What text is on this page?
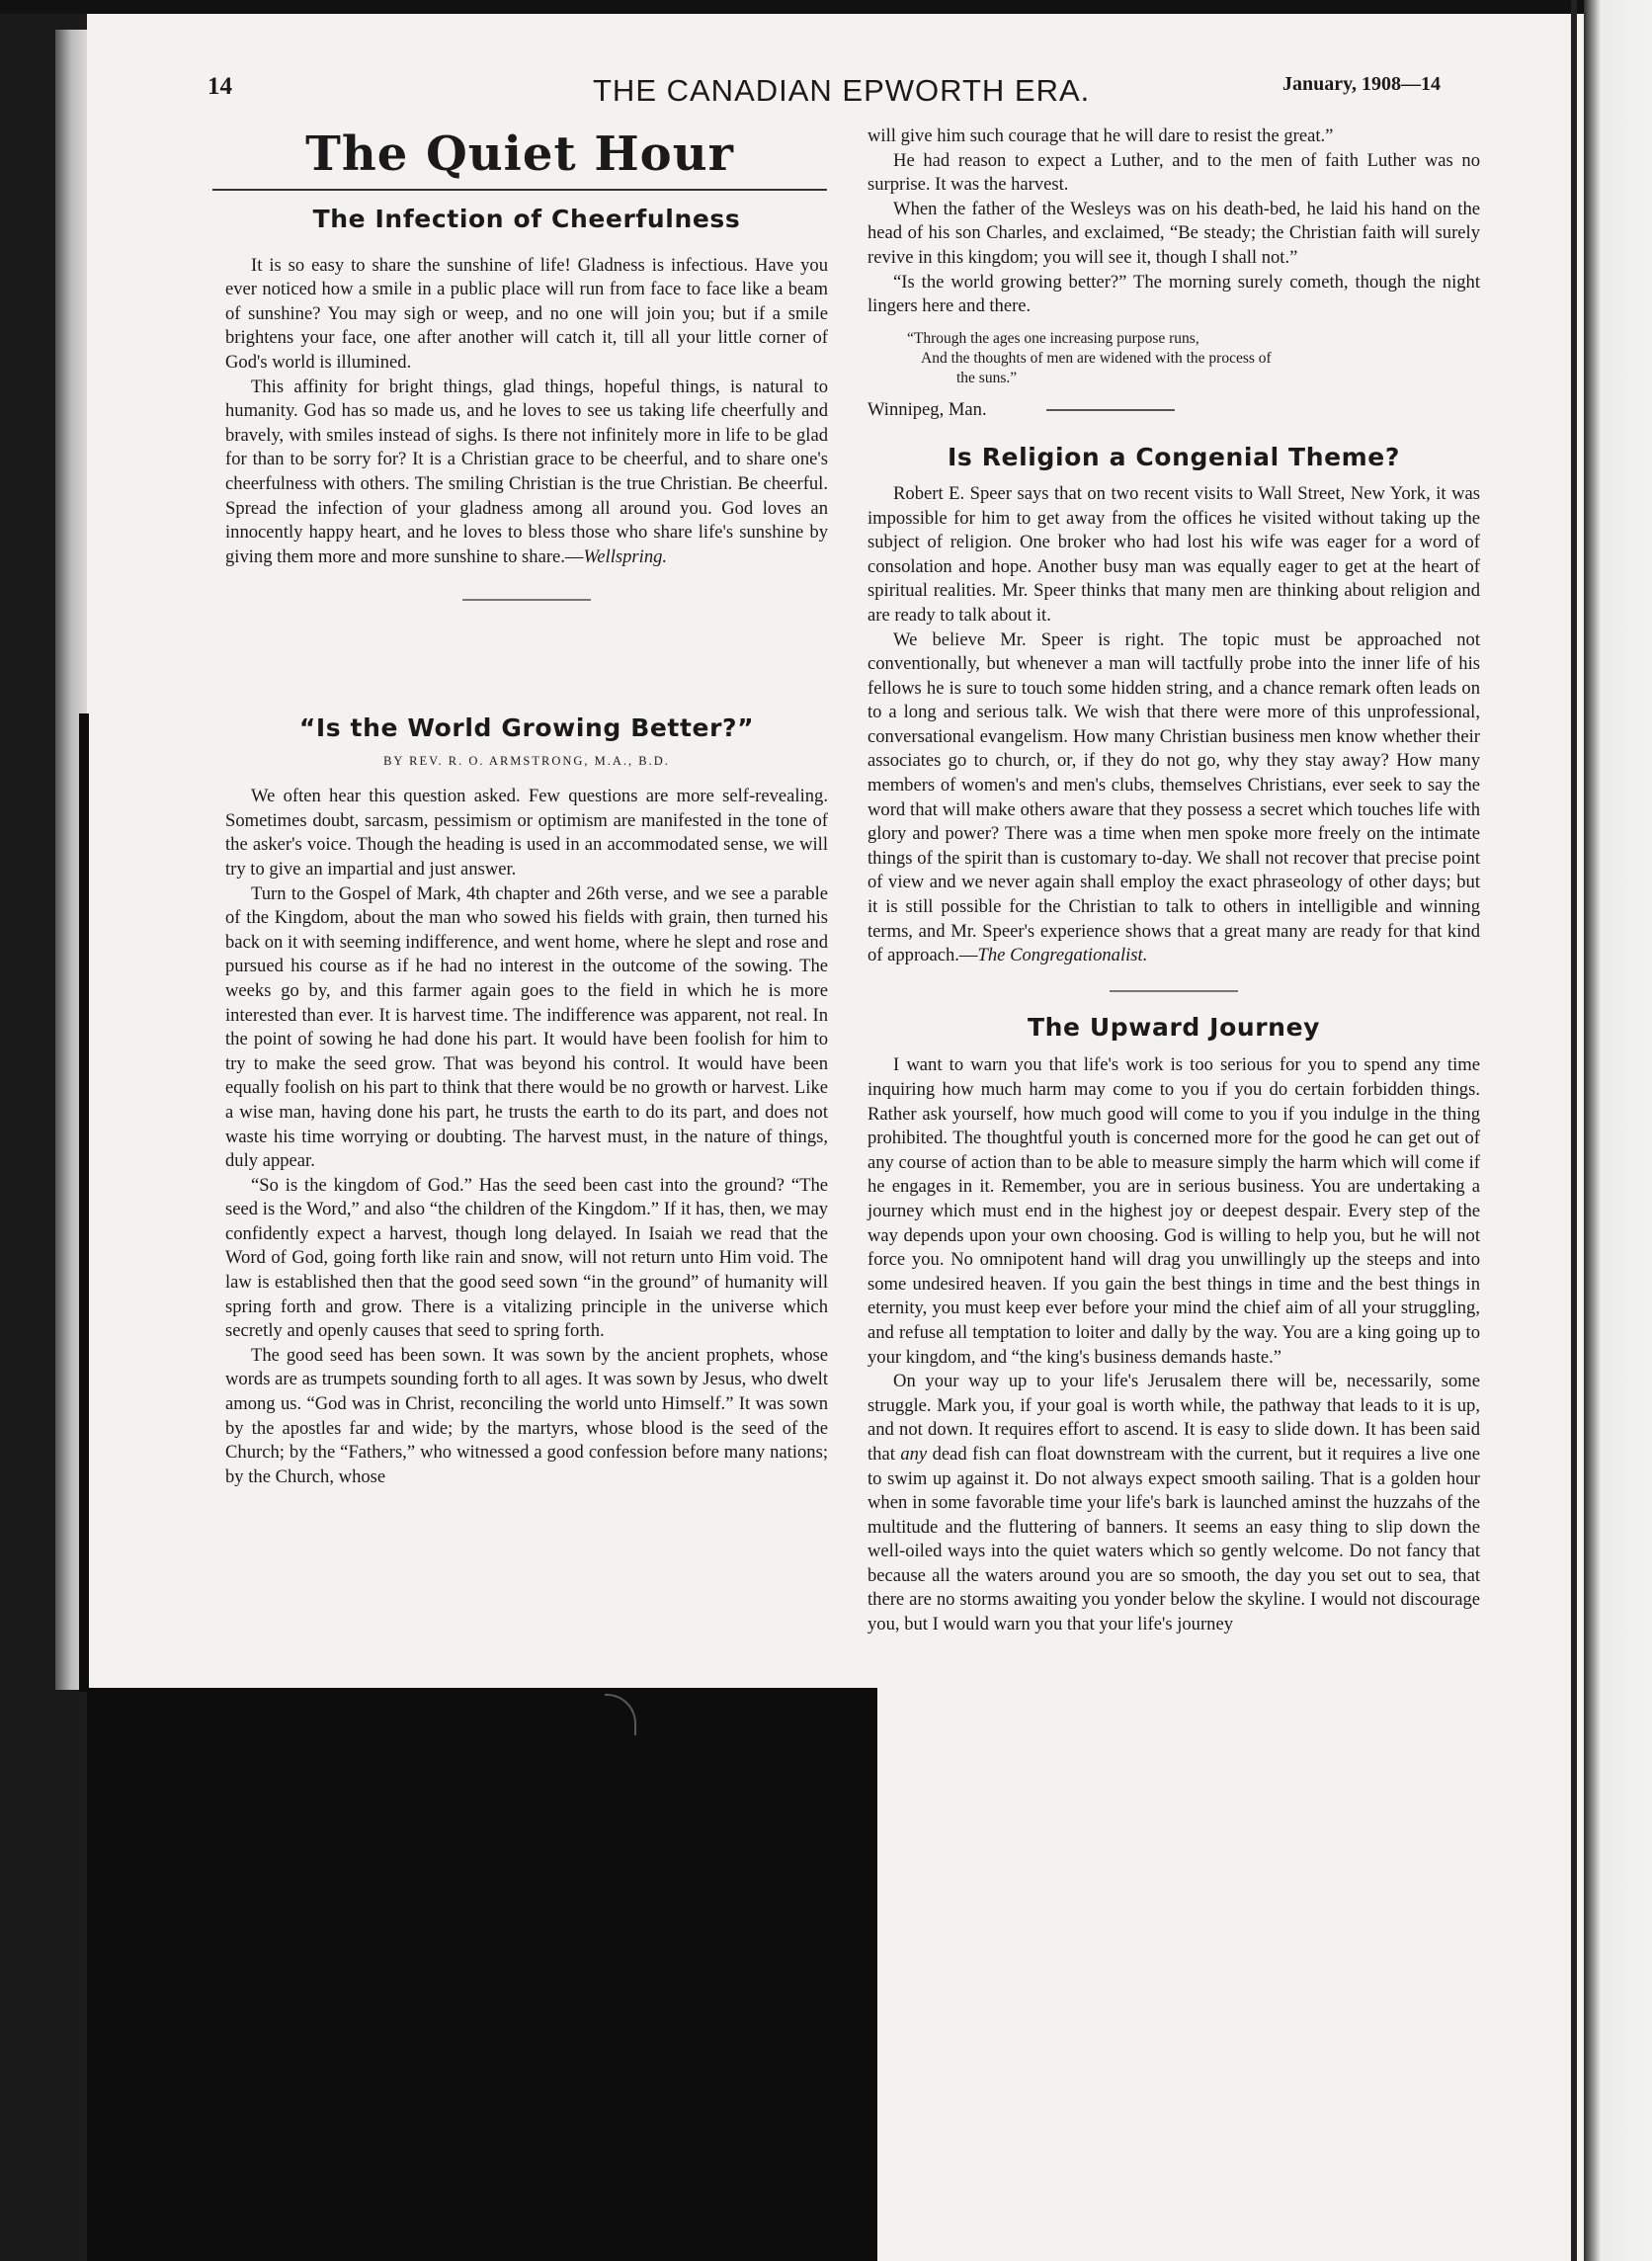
14	THE CANADIAN EPWORTH ERA.	January, 1908—14
The Quiet Hour
The Infection of Cheerfulness

It is so easy to share the sunshine of life! Gladness is infectious. Have you ever noticed how a smile in a public place will run from face to face like a beam of sunshine? You may sigh or weep, and no one will join you; but if a smile brightens your face, one after another will catch it, till all your little corner of God's world is illumined.

This affinity for bright things, glad things, hopeful things, is natural to humanity. God has so made us, and he loves to see us taking life cheerfully and bravely, with smiles instead of sighs. Is there not infinitely more in life to be glad for than to be sorry for? It is a Christian grace to be cheerful, and to share one's cheerfulness with others. The smiling Christian is the true Christian. Be cheerful. Spread the infection of your gladness among all around you. God loves an innocently happy heart, and he loves to bless those who share life's sunshine by giving them more and more sunshine to share.—Wellspring.

“Is the World Growing Better?”
BY REV. R. O. ARMSTRONG, M.A., B.D.

We often hear this question asked. Few questions are more self-revealing. Sometimes doubt, sarcasm, pessimism or optimism are manifested in the tone of the asker's voice. Though the heading is used in an accommodated sense, we will try to give an impartial and just answer.

Turn to the Gospel of Mark, 4th chapter and 26th verse, and we see a parable of the Kingdom, about the man who sowed his fields with grain, then turned his back on it with seeming indifference, and went home, where he slept and rose and pursued his course as if he had no interest in the outcome of the sowing. The weeks go by, and this farmer again goes to the field in which he is more interested than ever. It is harvest time. The indifference was apparent, not real. In the point of sowing he had done his part. It would have been foolish for him to try to make the seed grow. That was beyond his control. It would have been equally foolish on his part to think that there would be no growth or harvest. Like a wise man, having done his part, he trusts the earth to do its part, and does not waste his time worrying or doubting. The harvest must, in the nature of things, duly appear.

“So is the kingdom of God.” Has the seed been cast into the ground? “The seed is the Word,” and also “the children of the Kingdom.” If it has, then, we may confidently expect a harvest, though long delayed. In Isaiah we read that the Word of God, going forth like rain and snow, will not return unto Him void. The law is established then that the good seed sown “in the ground” of humanity will spring forth and grow. There is a vitalizing principle in the universe which secretly and openly causes that seed to spring forth.

The good seed has been sown. It was sown by the ancient prophets, whose words are as trumpets sounding forth to all ages. It was sown by Jesus, who dwelt among us. “God was in Christ, reconciling the world unto Himself.” It was sown by the apostles far and wide; by the martyrs, whose blood is the seed of the Church; by the “Fathers,” who witnessed a good confession before many nations; by the Church, whose

will give him such courage that he will dare to resist the great.”

He had reason to expect a Luther, and to the men of faith Luther was no surprise. It was the harvest.

When the father of the Wesleys was on his death-bed, he laid his hand on the head of his son Charles, and exclaimed, “Be steady; the Christian faith will surely revive in this kingdom; you will see it, though I shall not.”

“Is the world growing better?” The morning surely cometh, though the night lingers here and there.

“Through the ages one increasing purpose runs,
And the thoughts of men are widened with the process of
the suns.”

Winnipeg, Man.

Is Religion a Congenial Theme?

Robert E. Speer says that on two recent visits to Wall Street, New York, it was impossible for him to get away from the offices he visited without taking up the subject of religion. One broker who had lost his wife was eager for a word of consolation and hope. Another busy man was equally eager to get at the heart of spiritual realities. Mr. Speer thinks that many men are thinking about religion and are ready to talk about it.

We believe Mr. Speer is right. The topic must be approached not conventionally, but whenever a man will tactfully probe into the inner life of his fellows he is sure to touch some hidden string, and a chance remark often leads on to a long and serious talk. We wish that there were more of this unprofessional, conversational evangelism. How many Christian business men know whether their associates go to church, or, if they do not go, why they stay away? How many members of women's and men's clubs, themselves Christians, ever seek to say the word that will make others aware that they possess a secret which touches life with glory and power? There was a time when men spoke more freely on the intimate things of the spirit than is customary to-day. We shall not recover that precise point of view and we never again shall employ the exact phraseology of other days; but it is still possible for the Christian to talk to others in intelligible and winning terms, and Mr. Speer's experience shows that a great many are ready for that kind of approach.—The Congregationalist.

The Upward Journey

I want to warn you that life's work is too serious for you to spend any time inquiring how much harm may come to you if you do certain forbidden things. Rather ask yourself, how much good will come to you if you indulge in the thing prohibited. The thoughtful youth is concerned more for the good he can get out of any course of action than to be able to measure simply the harm which will come if he engages in it. Remember, you are in serious business. You are undertaking a journey which must end in the highest joy or deepest despair. Every step of the way depends upon your own choosing. God is willing to help you, but he will not force you. No omnipotent hand will drag you unwillingly up the steeps and into some undesired heaven. If you gain the best things in time and the best things in eternity, you must keep ever before your mind the chief aim of all your struggling, and refuse all temptation to loiter and dally by the way. You are a king going up to your kingdom, and “the king's business demands haste.”

On your way up to your life's Jerusalem there will be, necessarily, some struggle. Mark you, if your goal is worth while, the pathway that leads to it is up, and not down. It requires effort to ascend. It is easy to slide down. It has been said that any dead fish can float downstream with the current, but it requires a live one to swim up against it. Do not always expect smooth sailing. That is a golden hour when in some favorable time your life's bark is launched aminst the huzzahs of the multitude and the fluttering of banners. It seems an easy thing to slip down the well-oiled ways into the quiet waters which so gently welcome. Do not fancy that because all the waters around you are so smooth, the day you set out to sea, that there are no storms awaiting you yonder below the skyline. I would not discourage you, but I would warn you that your life's journey
